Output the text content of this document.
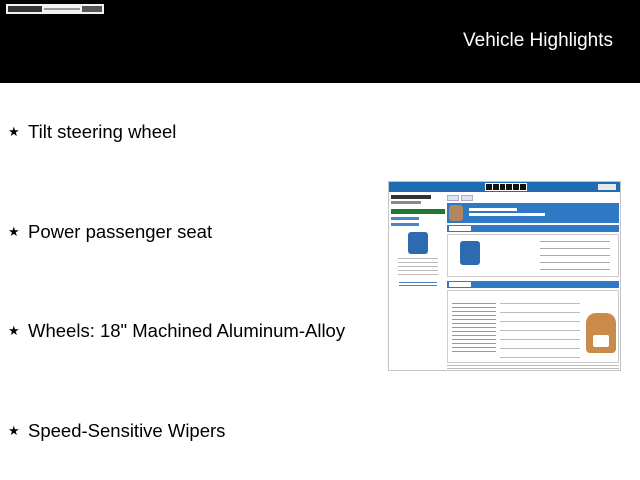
Vehicle Highlights
★ Tilt steering wheel
★ Power passenger seat
★ Wheels: 18" Machined Aluminum-Alloy
★ Speed-Sensitive Wipers
